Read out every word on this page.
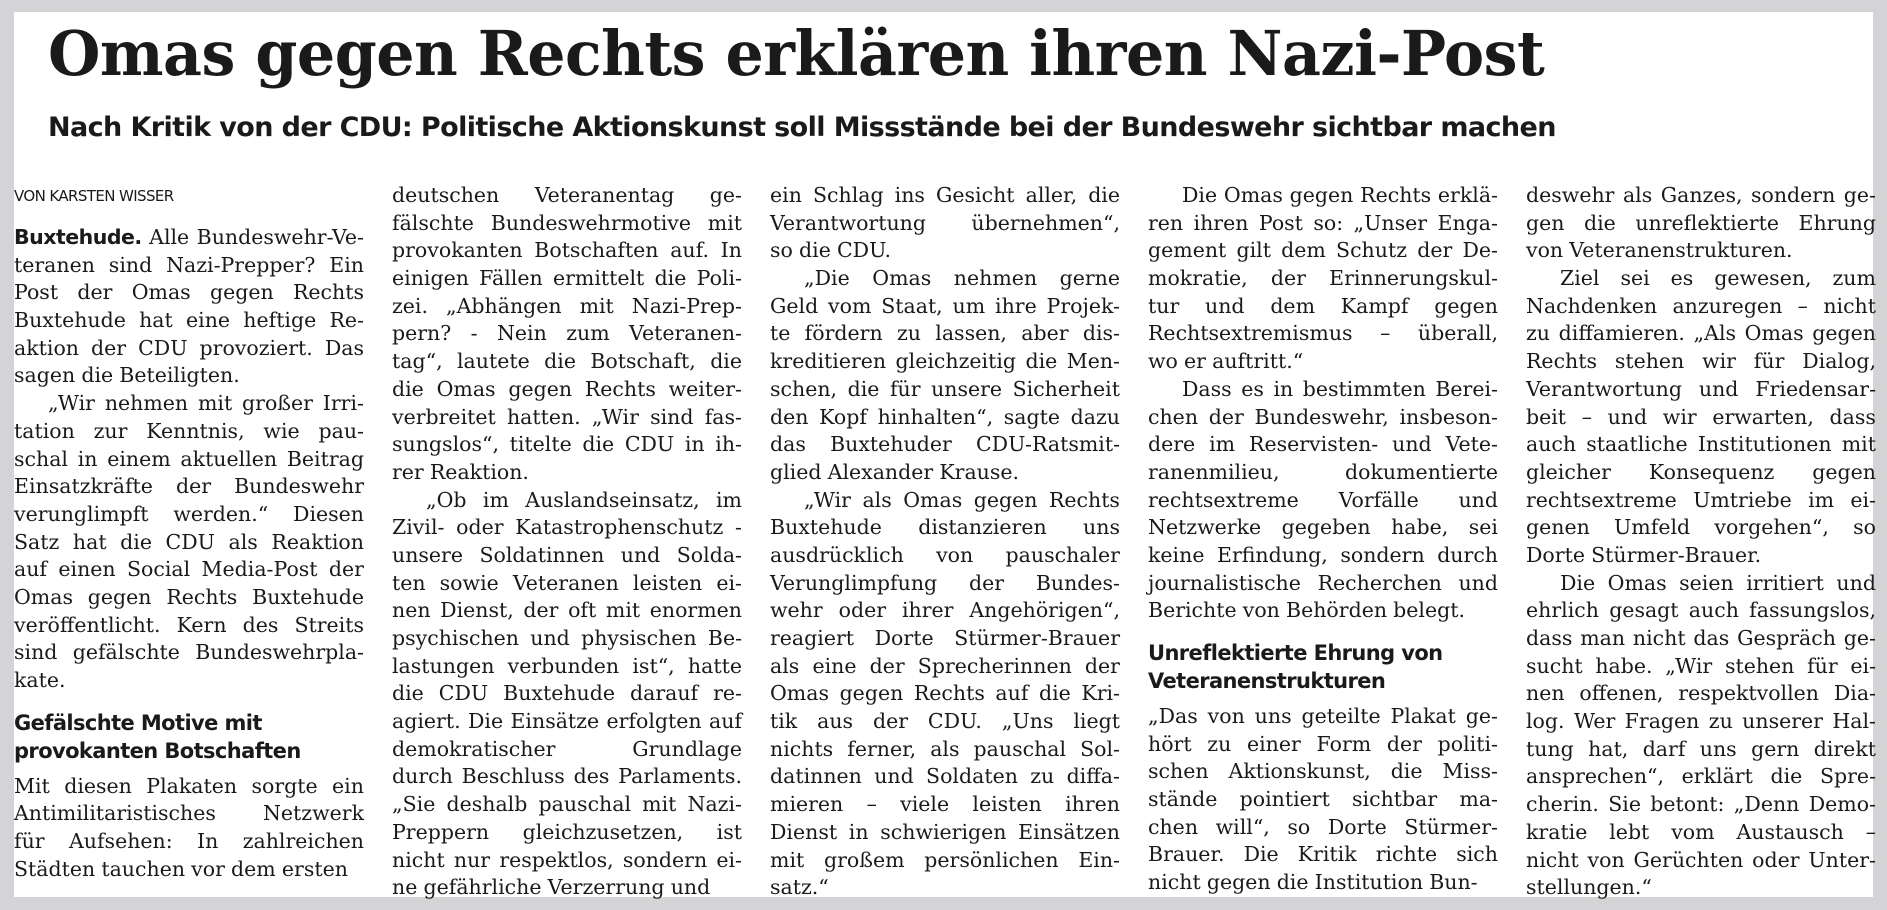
Omas gegen Rechts erklären ihren Nazi-Post
Nach Kritik von der CDU: Politische Aktionskunst soll Missstände bei der Bundeswehr sichtbar machen
VON KARSTEN WISSER
Buxtehude. Alle Bundeswehr-Ve-
teranen sind Nazi-Prepper? Ein
Post der Omas gegen Rechts
Buxtehude hat eine heftige Re-
aktion der CDU provoziert. Das
sagen die Beteiligten.
„Wir nehmen mit großer Irri-
tation zur Kenntnis, wie pau-
schal in einem aktuellen Beitrag
Einsatzkräfte der Bundeswehr
verunglimpft werden.“ Diesen
Satz hat die CDU als Reaktion
auf einen Social Media-Post der
Omas gegen Rechts Buxtehude
veröffentlicht. Kern des Streits
sind gefälschte Bundeswehrpla-
kate.
Gefälschte Motive mit
provokanten Botschaften
Mit diesen Plakaten sorgte ein
Antimilitaristisches Netzwerk
für Aufsehen: In zahlreichen
Städten tauchen vor dem ersten
deutschen Veteranentag ge-
fälschte Bundeswehrmotive mit
provokanten Botschaften auf. In
einigen Fällen ermittelt die Poli-
zei. „Abhängen mit Nazi-Prep-
pern? - Nein zum Veteranen-
tag“, lautete die Botschaft, die
die Omas gegen Rechts weiter-
verbreitet hatten. „Wir sind fas-
sungslos“, titelte die CDU in ih-
rer Reaktion.
„Ob im Auslandseinsatz, im
Zivil- oder Katastrophenschutz -
unsere Soldatinnen und Solda-
ten sowie Veteranen leisten ei-
nen Dienst, der oft mit enormen
psychischen und physischen Be-
lastungen verbunden ist“, hatte
die CDU Buxtehude darauf re-
agiert. Die Einsätze erfolgten auf
demokratischer	Grundlage
durch Beschluss des Parlaments.
„Sie deshalb pauschal mit Nazi-
Preppern gleichzusetzen, ist
nicht nur respektlos, sondern ei-
ne gefährliche Verzerrung und
ein Schlag ins Gesicht aller, die
Verantwortung übernehmen“,
so die CDU.
„Die Omas nehmen gerne
Geld vom Staat, um ihre Projek-
te fördern zu lassen, aber dis-
kreditieren gleichzeitig die Men-
schen, die für unsere Sicherheit
den Kopf hinhalten“, sagte dazu
das Buxtehuder CDU-Ratsmit-
glied Alexander Krause.
„Wir als Omas gegen Rechts
Buxtehude distanzieren uns
ausdrücklich von pauschaler
Verunglimpfung der Bundes-
wehr oder ihrer Angehörigen“,
reagiert Dorte Stürmer-Brauer
als eine der Sprecherinnen der
Omas gegen Rechts auf die Kri-
tik aus der CDU. „Uns liegt
nichts ferner, als pauschal Sol-
datinnen und Soldaten zu diffa-
mieren – viele leisten ihren
Dienst in schwierigen Einsätzen
mit großem persönlichen Ein-
satz.“
Die Omas gegen Rechts erklä-
ren ihren Post so: „Unser Enga-
gement gilt dem Schutz der De-
mokratie, der Erinnerungskul-
tur und dem Kampf gegen
Rechtsextremismus – überall,
wo er auftritt.“
Dass es in bestimmten Berei-
chen der Bundeswehr, insbeson-
dere im Reservisten- und Vete-
ranenmilieu,	dokumentierte
rechtsextreme Vorfälle und
Netzwerke gegeben habe, sei
keine Erfindung, sondern durch
journalistische Recherchen und
Berichte von Behörden belegt.
Unreflektierte Ehrung von
Veteranenstrukturen
„Das von uns geteilte Plakat ge-
hört zu einer Form der politi-
schen Aktionskunst, die Miss-
stände pointiert sichtbar ma-
chen will“, so Dorte Stürmer-
Brauer. Die Kritik richte sich
nicht gegen die Institution Bun-
deswehr als Ganzes, sondern ge-
gen die unreflektierte Ehrung
von Veteranenstrukturen.
Ziel sei es gewesen, zum
Nachdenken anzuregen – nicht
zu diffamieren. „Als Omas gegen
Rechts stehen wir für Dialog,
Verantwortung und Friedensar-
beit – und wir erwarten, dass
auch staatliche Institutionen mit
gleicher Konsequenz gegen
rechtsextreme Umtriebe im ei-
genen Umfeld vorgehen“, so
Dorte Stürmer-Brauer.
Die Omas seien irritiert und
ehrlich gesagt auch fassungslos,
dass man nicht das Gespräch ge-
sucht habe. „Wir stehen für ei-
nen offenen, respektvollen Dia-
log. Wer Fragen zu unserer Hal-
tung hat, darf uns gern direkt
ansprechen“, erklärt die Spre-
cherin. Sie betont: „Denn Demo-
kratie lebt vom Austausch –
nicht von Gerüchten oder Unter-
stellungen.“
